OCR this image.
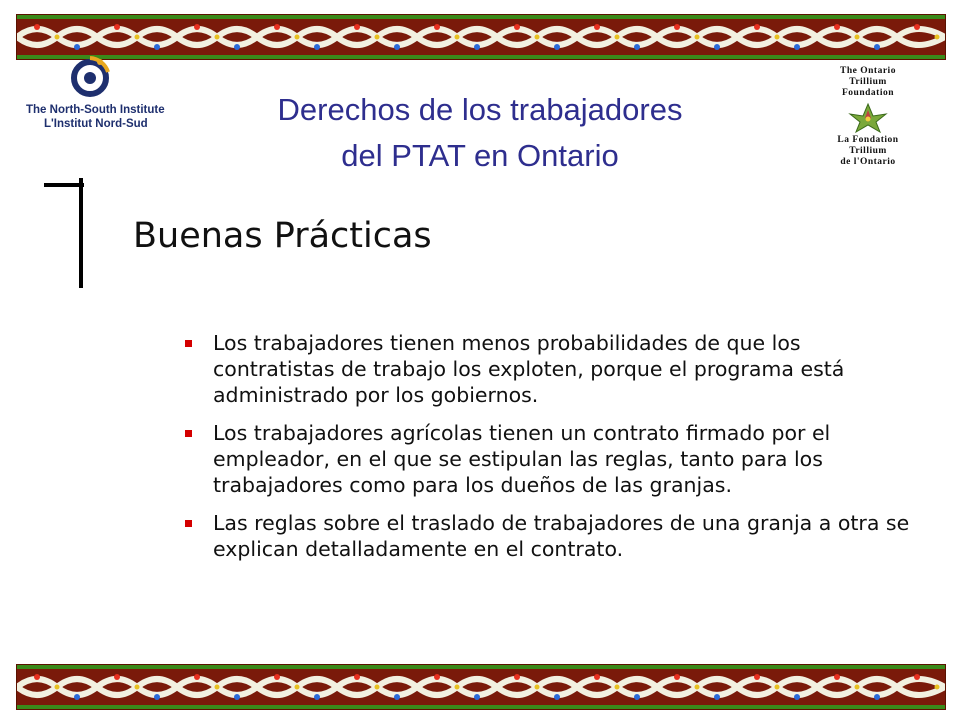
The North-South Institute
L'Institut Nord-Sud
The Ontario
Trillium
Foundation
La Fondation
Trillium
de l'Ontario
Derechos de los trabajadores
del PTAT en Ontario
Buenas Prácticas
Los trabajadores tienen menos probabilidades de que los contratistas de trabajo los exploten, porque el programa está administrado por los gobiernos.
Los trabajadores agrícolas tienen un contrato firmado por el empleador, en el que se estipulan las reglas, tanto para los trabajadores como para los dueños de las granjas.
Las reglas sobre el traslado de trabajadores de una granja a otra se explican detalladamente en el contrato.
